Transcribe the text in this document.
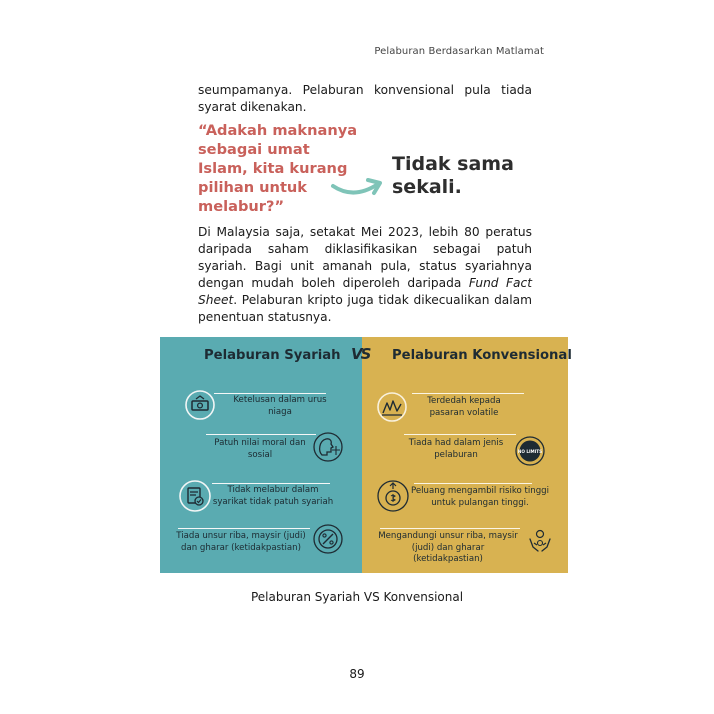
Pelaburan Berdasarkan Matlamat
seumpamanya. Pelaburan konvensional pula tiada syarat dikenakan.
“Adakah maknanya sebagai umat Islam, kita kurang pilihan untuk melabur?”
Tidak sama sekali.
Di Malaysia saja, setakat Mei 2023, lebih 80 peratus daripada saham diklasifikasikan sebagai patuh syariah. Bagi unit amanah pula, status syariahnya dengan mudah boleh diperoleh daripada Fund Fact Sheet. Pelaburan kripto juga tidak dikecualikan dalam penentuan statusnya.
Pelaburan Syariah
Ketelusan dalam urus niaga
Patuh nilai moral dan sosial
Tidak melabur dalam syarikat tidak patuh syariah
Tiada unsur riba, maysir (judi) dan gharar (ketidakpastian)
Pelaburan Konvensional
Terdedah kepada pasaran volatile
Tiada had dalam jenis pelaburan	NO LIMITS
Peluang mengambil risiko tinggi untuk pulangan tinggi.
Mengandungi unsur riba, maysir (judi) dan gharar (ketidakpastian)
VS
Pelaburan Syariah VS Konvensional
89
